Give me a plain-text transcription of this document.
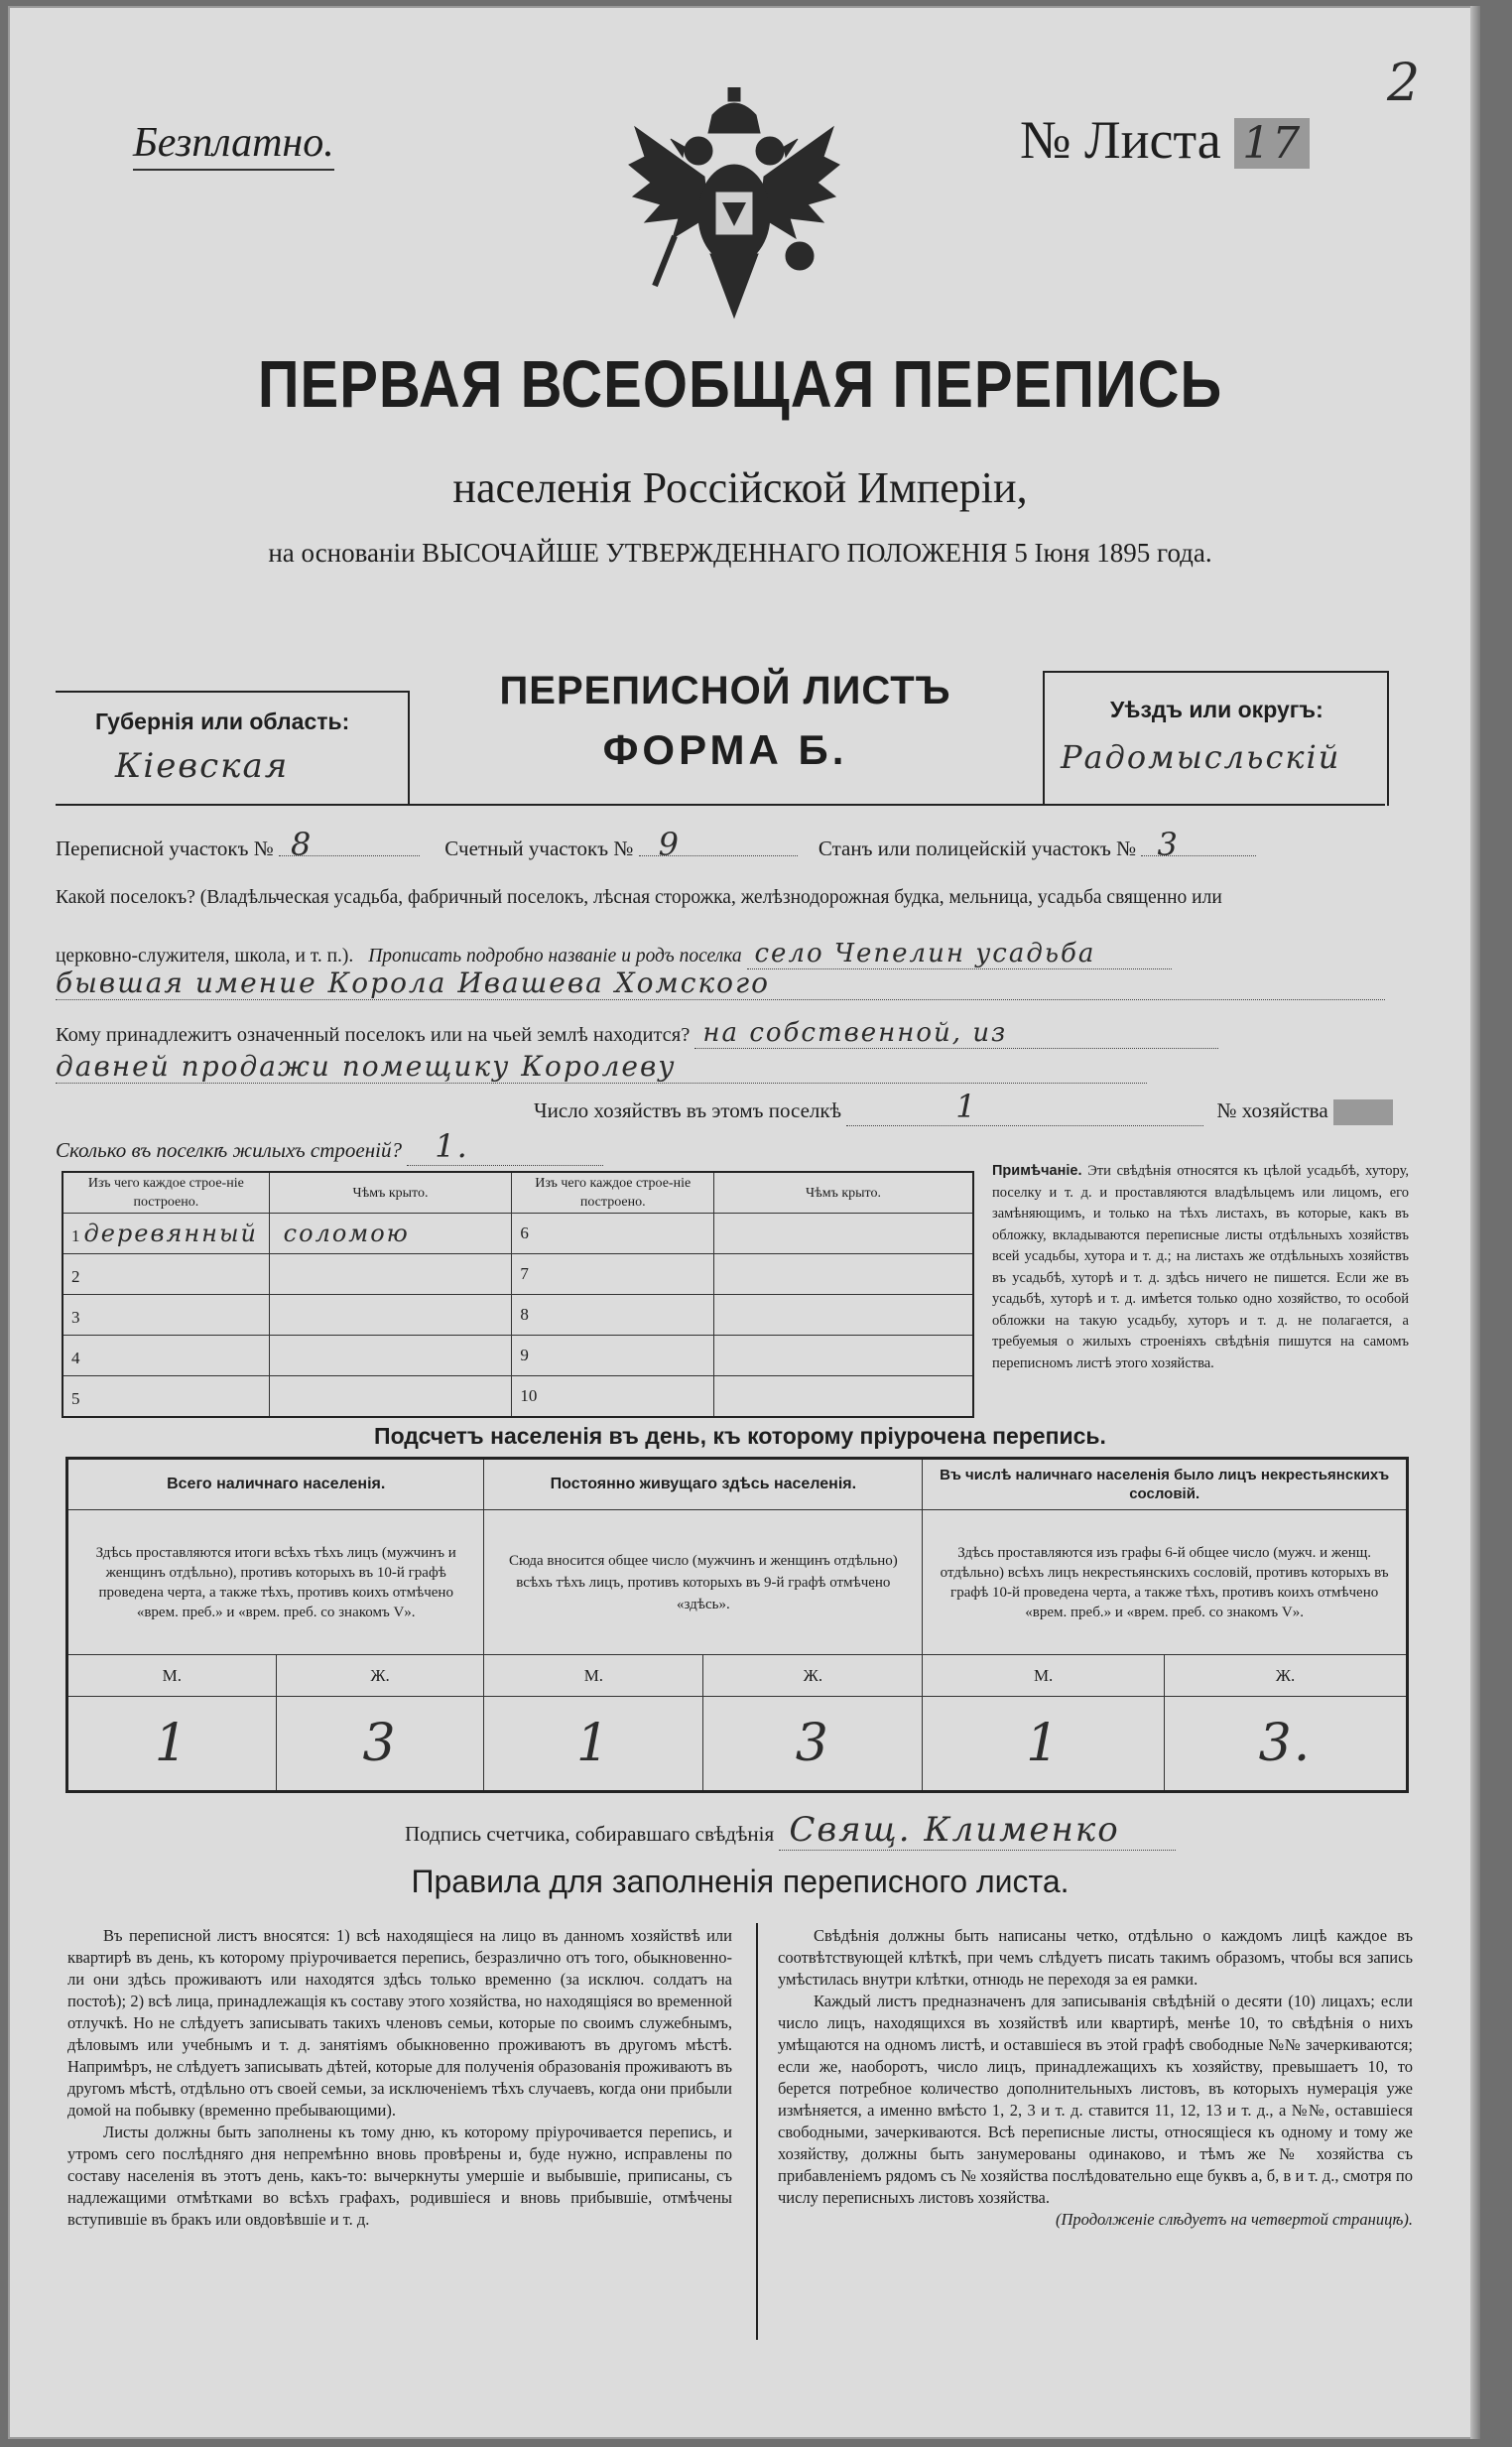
2
Безплатно.	№ Листа 17
ПЕРВАЯ ВСЕОБЩАЯ ПЕРЕПИСЬ
населенія Россійской Имперіи,
на основаніи ВЫСОЧАЙШЕ УТВЕРЖДЕННАГО ПОЛОЖЕНІЯ 5 Іюня 1895 года.
Губернія или область:
Кіевская
ПЕРЕПИСНОЙ ЛИСТЪ
ФОРМА Б.
Уѣздъ или округъ:
Радомысльскій
Переписной участокъ № 8	Счетный участокъ № 9	Станъ или полицейскій участокъ № 3
Какой поселокъ? (Владѣльческая усадьба, фабричный поселокъ, лѣсная сторожка, желѣзнодорожная будка, мельница, усадьба священно или
церковно-служителя, школа, и т. п.). Прописать подробно названіе и родъ поселка село Чепелин усадьба
бывшая имение Корола Ивашева Хомского
Кому принадлежитъ означенный поселокъ или на чьей землѣ находится? на собственной, из
давней продажи помещику Королеву
Число хозяйствъ въ этомъ поселкѣ	1	№ хозяйства
Сколько въ поселкѣ жилыхъ строеній? 1.
Изъ чего каждое строе-ніе построено.	Чѣмъ крыто.	Изъ чего каждое строе-ніе построено.	Чѣмъ крыто.
1 деревянный	соломою	6	
2		7	
3		8	
4		9	
5		10	
Примѣчаніе. Эти свѣдѣнія относятся къ цѣлой усадьбѣ, хутору, поселку и т. д. и проставляются владѣльцемъ или лицомъ, его замѣняющимъ, и только на тѣхъ листахъ, въ которые, какъ въ обложку, вкладываются переписные листы отдѣльныхъ хозяйствъ всей усадьбы, хутора и т. д.; на листахъ же отдѣльныхъ хозяйствъ въ усадьбѣ, хуторѣ и т. д. здѣсь ничего не пишется. Если же въ усадьбѣ, хуторѣ и т. д. имѣется только одно хозяйство, то особой обложки на такую усадьбу, хуторъ и т. д. не полагается, а требуемыя о жилыхъ строеніяхъ свѣдѣнія пишутся на самомъ переписномъ листѣ этого хозяйства.
Подсчетъ населенія въ день, къ которому пріурочена перепись.
Всего наличнаго населенія.		Постоянно живущаго здѣсь населенія.		Въ числѣ наличнаго населенія было лицъ некрестьянскихъ сословій.	
Здѣсь проставляются итоги всѣхъ тѣхъ лицъ (мужчинъ и женщинъ отдѣльно), противъ которыхъ въ 10-й графѣ проведена черта, а также тѣхъ, противъ коихъ отмѣчено «врем. преб.» и «врем. преб. со знакомъ V».		Сюда вносится общее число (мужчинъ и женщинъ отдѣльно) всѣхъ тѣхъ лицъ, противъ которыхъ въ 9-й графѣ отмѣчено «здѣсь».		Здѣсь проставляются изъ графы 6-й общее число (мужч. и женщ. отдѣльно) всѣхъ лицъ некрестьянскихъ сословій, противъ которыхъ въ графѣ 10-й проведена черта, а также тѣхъ, противъ коихъ отмѣчено «врем. преб.» и «врем. преб. со знакомъ V».	
М.	Ж.	М.	Ж.	М.	Ж.
1	3	1	3	1	3.
Подпись счетчика, собиравшаго свѣдѣнія Свящ. Клименко
Правила для заполненія переписного листа.
Въ переписной листъ вносятся: 1) всѣ находящіеся на лицо въ данномъ хозяйствѣ или квартирѣ въ день, къ которому пріурочивается перепись, безразлично отъ того, обыкновенно-ли они здѣсь проживаютъ или находятся здѣсь только временно (за исключ. солдатъ на постоѣ); 2) всѣ лица, принадлежащія къ составу этого хозяйства, но находящіяся во временной отлучкѣ. Но не слѣдуетъ записывать такихъ членовъ семьи, которые по своимъ служебнымъ, дѣловымъ или учебнымъ и т. д. занятіямъ обыкновенно проживаютъ въ другомъ мѣстѣ. Напримѣръ, не слѣдуетъ записывать дѣтей, которые для полученія образованія проживаютъ въ другомъ мѣстѣ, отдѣльно отъ своей семьи, за исключеніемъ тѣхъ случаевъ, когда они прибыли домой на побывку (временно пребывающими).
Листы должны быть заполнены къ тому дню, къ которому пріурочивается перепись, и утромъ сего послѣдняго дня непремѣнно вновь провѣрены и, буде нужно, исправлены по составу населенія въ этотъ день, какъ-то: вычеркнуты умершіе и выбывшіе, приписаны, съ надлежащими отмѣтками во всѣхъ графахъ, родившіеся и вновь прибывшіе, отмѣчены вступившіе въ бракъ или овдовѣвшіе и т. д.
Свѣдѣнія должны быть написаны четко, отдѣльно о каждомъ лицѣ каждое въ соотвѣтствующей клѣткѣ, при чемъ слѣдуетъ писать такимъ образомъ, чтобы вся запись умѣстилась внутри клѣтки, отнюдь не переходя за ея рамки.
Каждый листъ предназначенъ для записыванія свѣдѣній о десяти (10) лицахъ; если число лицъ, находящихся въ хозяйствѣ или квартирѣ, менѣе 10, то свѣдѣнія о нихъ умѣщаются на одномъ листѣ, и оставшіеся въ этой графѣ свободные №№ зачеркиваются; если же, наоборотъ, число лицъ, принадлежащихъ къ хозяйству, превышаетъ 10, то берется потребное количество дополнительныхъ листовъ, въ которыхъ нумерація уже измѣняется, а именно вмѣсто 1, 2, 3 и т. д. ставится 11, 12, 13 и т. д., а №№, оставшіеся свободными, зачеркиваются. Всѣ переписные листы, относящіеся къ одному и тому же хозяйству, должны быть занумерованы одинаково, и тѣмъ же № хозяйства съ прибавленіемъ рядомъ съ № хозяйства послѣдовательно еще буквъ а, б, в и т. д., смотря по числу переписныхъ листовъ хозяйства.
(Продолженіе слѣдуетъ на четвертой страницѣ).
